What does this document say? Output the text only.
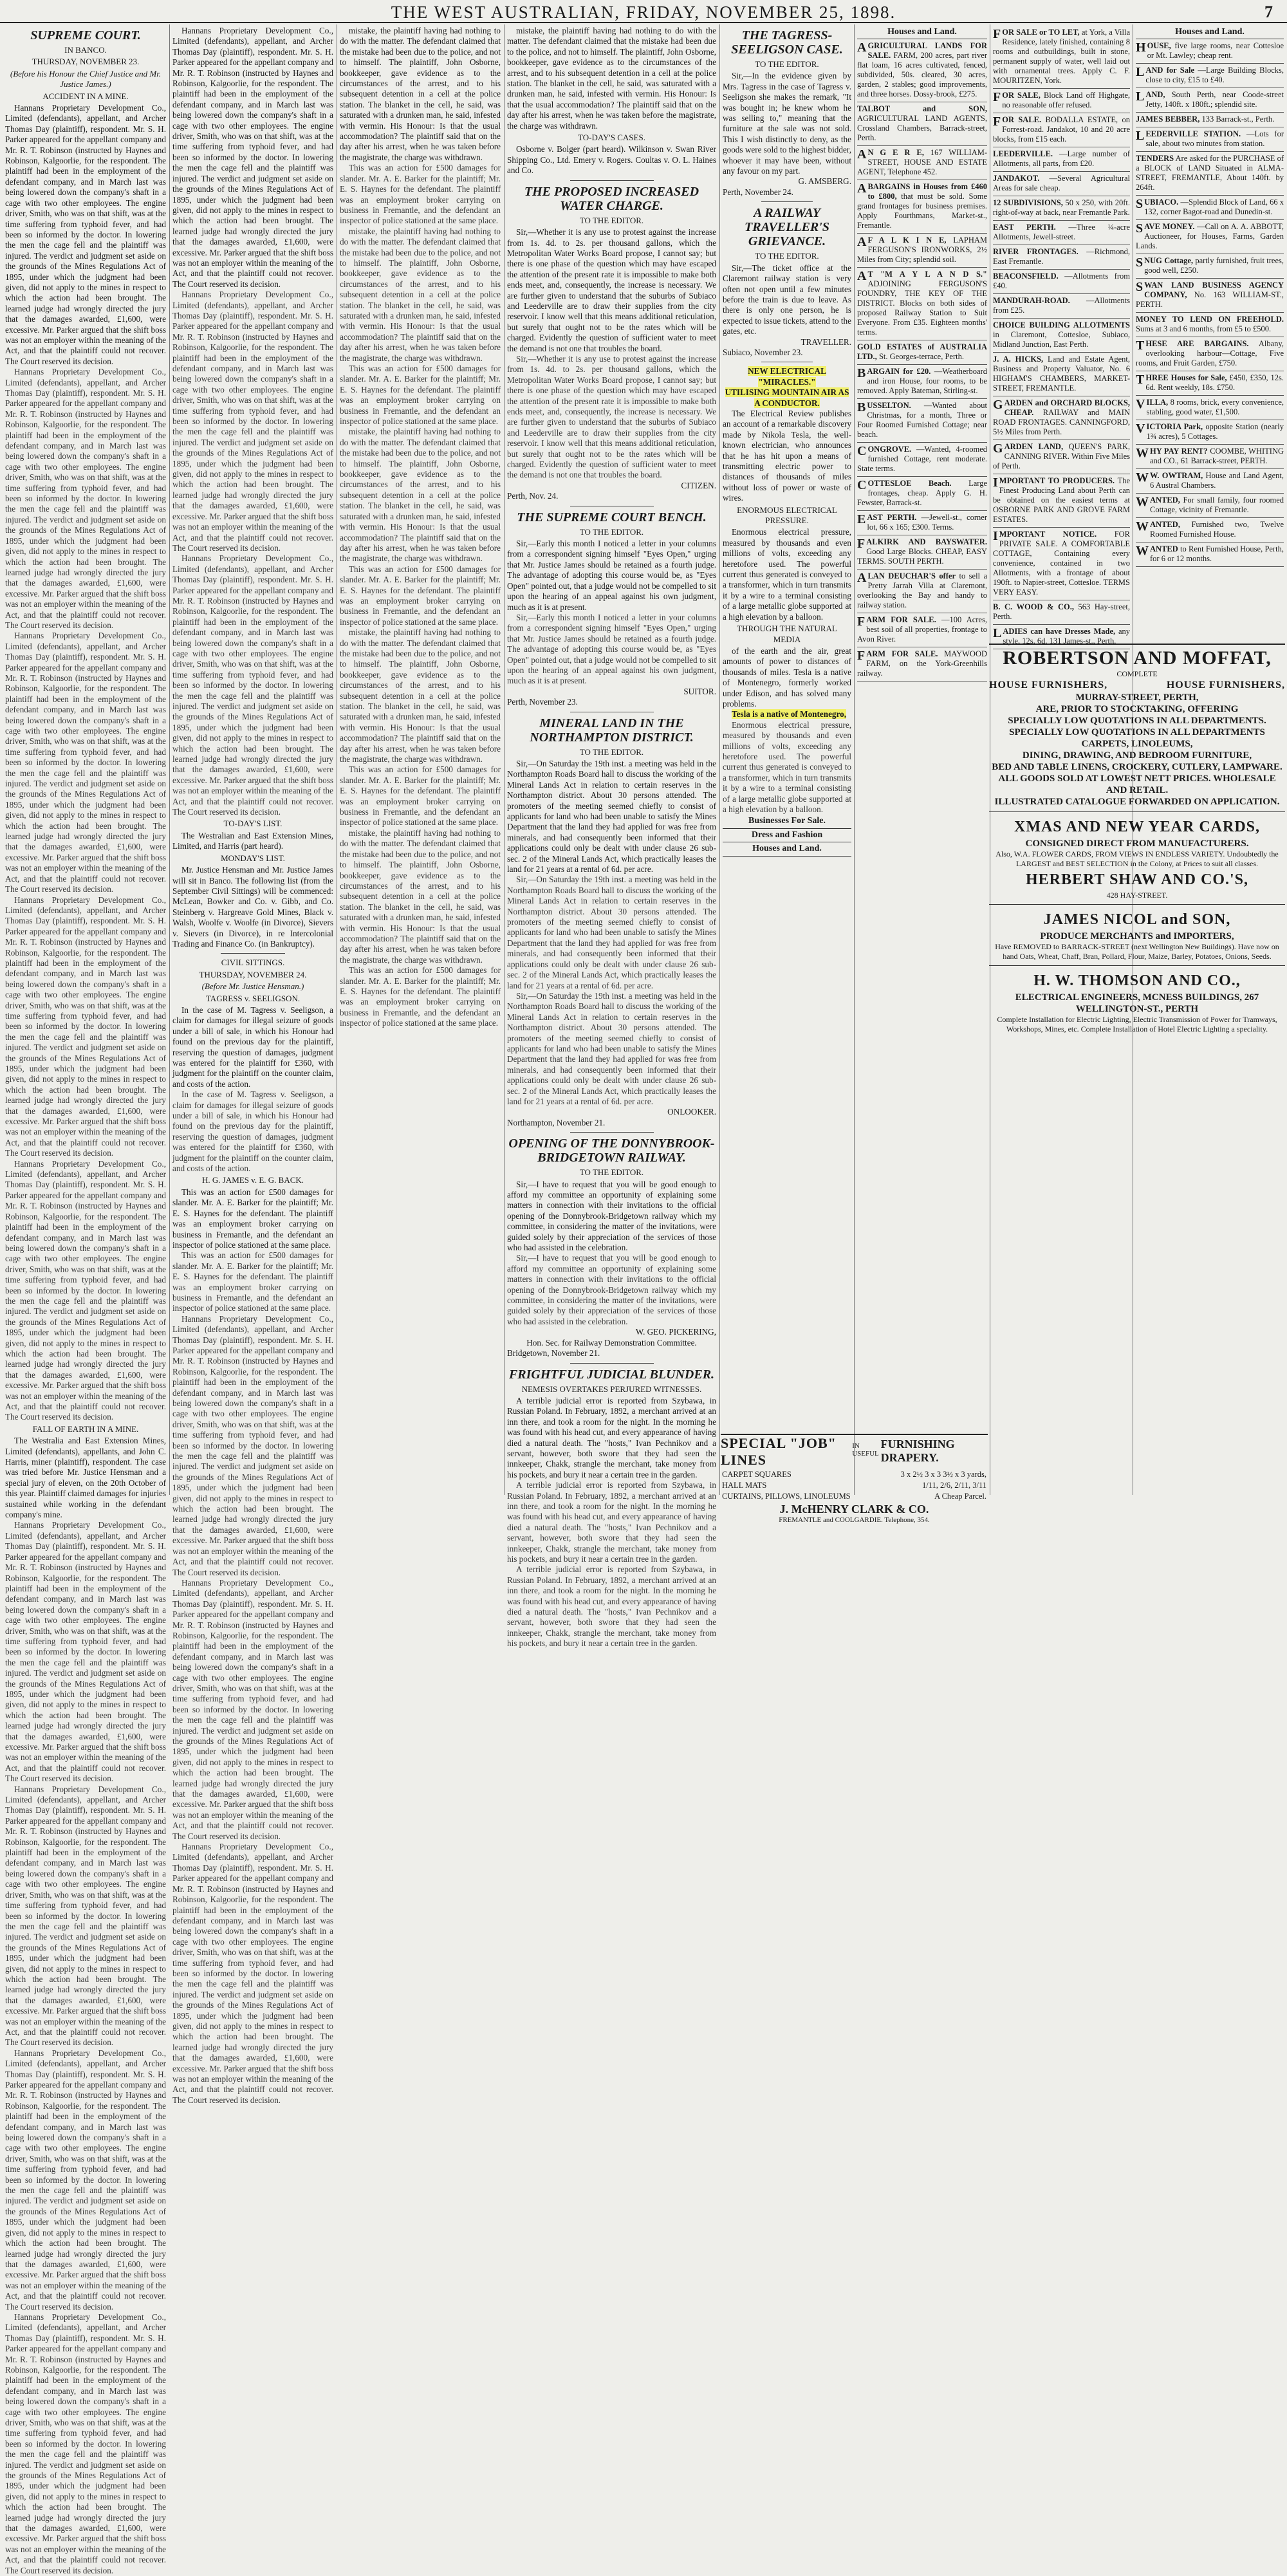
THE WEST AUSTRALIAN, FRIDAY, NOVEMBER 25, 1898.	7
SUPREME COURT.
IN BANCO.
THURSDAY, NOVEMBER 23.
(Before his Honour the Chief Justice and Mr. Justice James.)
ACCIDENT IN A MINE.

Hannans Proprietary Development Co., Limited (defendants), appellant, and Archer Thomas Day (plaintiff), respondent. Mr. S. H. Parker appeared for the appellant company and Mr. R. T. Robinson (instructed by Haynes and Robinson, Kalgoorlie, for the respondent. The plaintiff had been in the employment of the defendant company, and in March last was being lowered down the company's shaft in a cage with two other employees. The engine driver, Smith, who was on that shift, was at the time suffering from typhoid fever, and had been so informed by the doctor. In lowering the men the cage fell and the plaintiff was injured. The verdict and judgment set aside on the grounds of the Mines Regulations Act of 1895, under which the judgment had been given, did not apply to the mines in respect to which the action had been brought. The learned judge had wrongly directed the jury that the damages awarded, £1,600, were excessive. Mr. Parker argued that the shift boss was not an employer within the meaning of the Act, and that the plaintiff could not recover. The Court reserved its decision.

Hannans Proprietary Development Co., Limited (defendants), appellant, and Archer Thomas Day (plaintiff), respondent. Mr. S. H. Parker appeared for the appellant company and Mr. R. T. Robinson (instructed by Haynes and Robinson, Kalgoorlie, for the respondent. The plaintiff had been in the employment of the defendant company, and in March last was being lowered down the company's shaft in a cage with two other employees. The engine driver, Smith, who was on that shift, was at the time suffering from typhoid fever, and had been so informed by the doctor. In lowering the men the cage fell and the plaintiff was injured. The verdict and judgment set aside on the grounds of the Mines Regulations Act of 1895, under which the judgment had been given, did not apply to the mines in respect to which the action had been brought. The learned judge had wrongly directed the jury that the damages awarded, £1,600, were excessive. Mr. Parker argued that the shift boss was not an employer within the meaning of the Act, and that the plaintiff could not recover. The Court reserved its decision.

Hannans Proprietary Development Co., Limited (defendants), appellant, and Archer Thomas Day (plaintiff), respondent. Mr. S. H. Parker appeared for the appellant company and Mr. R. T. Robinson (instructed by Haynes and Robinson, Kalgoorlie, for the respondent. The plaintiff had been in the employment of the defendant company, and in March last was being lowered down the company's shaft in a cage with two other employees. The engine driver, Smith, who was on that shift, was at the time suffering from typhoid fever, and had been so informed by the doctor. In lowering the men the cage fell and the plaintiff was injured. The verdict and judgment set aside on the grounds of the Mines Regulations Act of 1895, under which the judgment had been given, did not apply to the mines in respect to which the action had been brought. The learned judge had wrongly directed the jury that the damages awarded, £1,600, were excessive. Mr. Parker argued that the shift boss was not an employer within the meaning of the Act, and that the plaintiff could not recover. The Court reserved its decision.

Hannans Proprietary Development Co., Limited (defendants), appellant, and Archer Thomas Day (plaintiff), respondent. Mr. S. H. Parker appeared for the appellant company and Mr. R. T. Robinson (instructed by Haynes and Robinson, Kalgoorlie, for the respondent. The plaintiff had been in the employment of the defendant company, and in March last was being lowered down the company's shaft in a cage with two other employees. The engine driver, Smith, who was on that shift, was at the time suffering from typhoid fever, and had been so informed by the doctor. In lowering the men the cage fell and the plaintiff was injured. The verdict and judgment set aside on the grounds of the Mines Regulations Act of 1895, under which the judgment had been given, did not apply to the mines in respect to which the action had been brought. The learned judge had wrongly directed the jury that the damages awarded, £1,600, were excessive. Mr. Parker argued that the shift boss was not an employer within the meaning of the Act, and that the plaintiff could not recover. The Court reserved its decision.

Hannans Proprietary Development Co., Limited (defendants), appellant, and Archer Thomas Day (plaintiff), respondent. Mr. S. H. Parker appeared for the appellant company and Mr. R. T. Robinson (instructed by Haynes and Robinson, Kalgoorlie, for the respondent. The plaintiff had been in the employment of the defendant company, and in March last was being lowered down the company's shaft in a cage with two other employees. The engine driver, Smith, who was on that shift, was at the time suffering from typhoid fever, and had been so informed by the doctor. In lowering the men the cage fell and the plaintiff was injured. The verdict and judgment set aside on the grounds of the Mines Regulations Act of 1895, under which the judgment had been given, did not apply to the mines in respect to which the action had been brought. The learned judge had wrongly directed the jury that the damages awarded, £1,600, were excessive. Mr. Parker argued that the shift boss was not an employer within the meaning of the Act, and that the plaintiff could not recover. The Court reserved its decision.

FALL OF EARTH IN A MINE.

The Westralia and East Extension Mines, Limited (defendants), appellants, and John C. Harris, miner (plaintiff), respondent. The case was tried before Mr. Justice Hensman and a special jury of eleven, on the 20th October of this year. Plaintiff claimed damages for injuries sustained while working in the defendant company's mine.

Hannans Proprietary Development Co., Limited (defendants), appellant, and Archer Thomas Day (plaintiff), respondent. Mr. S. H. Parker appeared for the appellant company and Mr. R. T. Robinson (instructed by Haynes and Robinson, Kalgoorlie, for the respondent. The plaintiff had been in the employment of the defendant company, and in March last was being lowered down the company's shaft in a cage with two other employees. The engine driver, Smith, who was on that shift, was at the time suffering from typhoid fever, and had been so informed by the doctor. In lowering the men the cage fell and the plaintiff was injured. The verdict and judgment set aside on the grounds of the Mines Regulations Act of 1895, under which the judgment had been given, did not apply to the mines in respect to which the action had been brought. The learned judge had wrongly directed the jury that the damages awarded, £1,600, were excessive. Mr. Parker argued that the shift boss was not an employer within the meaning of the Act, and that the plaintiff could not recover. The Court reserved its decision.

Hannans Proprietary Development Co., Limited (defendants), appellant, and Archer Thomas Day (plaintiff), respondent. Mr. S. H. Parker appeared for the appellant company and Mr. R. T. Robinson (instructed by Haynes and Robinson, Kalgoorlie, for the respondent. The plaintiff had been in the employment of the defendant company, and in March last was being lowered down the company's shaft in a cage with two other employees. The engine driver, Smith, who was on that shift, was at the time suffering from typhoid fever, and had been so informed by the doctor. In lowering the men the cage fell and the plaintiff was injured. The verdict and judgment set aside on the grounds of the Mines Regulations Act of 1895, under which the judgment had been given, did not apply to the mines in respect to which the action had been brought. The learned judge had wrongly directed the jury that the damages awarded, £1,600, were excessive. Mr. Parker argued that the shift boss was not an employer within the meaning of the Act, and that the plaintiff could not recover. The Court reserved its decision.

Hannans Proprietary Development Co., Limited (defendants), appellant, and Archer Thomas Day (plaintiff), respondent. Mr. S. H. Parker appeared for the appellant company and Mr. R. T. Robinson (instructed by Haynes and Robinson, Kalgoorlie, for the respondent. The plaintiff had been in the employment of the defendant company, and in March last was being lowered down the company's shaft in a cage with two other employees. The engine driver, Smith, who was on that shift, was at the time suffering from typhoid fever, and had been so informed by the doctor. In lowering the men the cage fell and the plaintiff was injured. The verdict and judgment set aside on the grounds of the Mines Regulations Act of 1895, under which the judgment had been given, did not apply to the mines in respect to which the action had been brought. The learned judge had wrongly directed the jury that the damages awarded, £1,600, were excessive. Mr. Parker argued that the shift boss was not an employer within the meaning of the Act, and that the plaintiff could not recover. The Court reserved its decision.

Hannans Proprietary Development Co., Limited (defendants), appellant, and Archer Thomas Day (plaintiff), respondent. Mr. S. H. Parker appeared for the appellant company and Mr. R. T. Robinson (instructed by Haynes and Robinson, Kalgoorlie, for the respondent. The plaintiff had been in the employment of the defendant company, and in March last was being lowered down the company's shaft in a cage with two other employees. The engine driver, Smith, who was on that shift, was at the time suffering from typhoid fever, and had been so informed by the doctor. In lowering the men the cage fell and the plaintiff was injured. The verdict and judgment set aside on the grounds of the Mines Regulations Act of 1895, under which the judgment had been given, did not apply to the mines in respect to which the action had been brought. The learned judge had wrongly directed the jury that the damages awarded, £1,600, were excessive. Mr. Parker argued that the shift boss was not an employer within the meaning of the Act, and that the plaintiff could not recover. The Court reserved its decision.

Hannans Proprietary Development Co., Limited (defendants), appellant, and Archer Thomas Day (plaintiff), respondent. Mr. S. H. Parker appeared for the appellant company and Mr. R. T. Robinson (instructed by Haynes and Robinson, Kalgoorlie, for the respondent. The plaintiff had been in the employment of the defendant company, and in March last was being lowered down the company's shaft in a cage with two other employees. The engine driver, Smith, who was on that shift, was at the time suffering from typhoid fever, and had been so informed by the doctor. In lowering the men the cage fell and the plaintiff was injured. The verdict and judgment set aside on the grounds of the Mines Regulations Act of 1895, under which the judgment had been given, did not apply to the mines in respect to which the action had been brought. The learned judge had wrongly directed the jury that the damages awarded, £1,600, were excessive. Mr. Parker argued that the shift boss was not an employer within the meaning of the Act, and that the plaintiff could not recover. The Court reserved its decision.

Hannans Proprietary Development Co., Limited (defendants), appellant, and Archer Thomas Day (plaintiff), respondent. Mr. S. H. Parker appeared for the appellant company and Mr. R. T. Robinson (instructed by Haynes and Robinson, Kalgoorlie, for the respondent. The plaintiff had been in the employment of the defendant company, and in March last was being lowered down the company's shaft in a cage with two other employees. The engine driver, Smith, who was on that shift, was at the time suffering from typhoid fever, and had been so informed by the doctor. In lowering the men the cage fell and the plaintiff was injured. The verdict and judgment set aside on the grounds of the Mines Regulations Act of 1895, under which the judgment had been given, did not apply to the mines in respect to which the action had been brought. The learned judge had wrongly directed the jury that the damages awarded, £1,600, were excessive. Mr. Parker argued that the shift boss was not an employer within the meaning of the Act, and that the plaintiff could not recover. The Court reserved its decision.

Hannans Proprietary Development Co., Limited (defendants), appellant, and Archer Thomas Day (plaintiff), respondent. Mr. S. H. Parker appeared for the appellant company and Mr. R. T. Robinson (instructed by Haynes and Robinson, Kalgoorlie, for the respondent. The plaintiff had been in the employment of the defendant company, and in March last was being lowered down the company's shaft in a cage with two other employees. The engine driver, Smith, who was on that shift, was at the time suffering from typhoid fever, and had been so informed by the doctor. In lowering the men the cage fell and the plaintiff was injured. The verdict and judgment set aside on the grounds of the Mines Regulations Act of 1895, under which the judgment had been given, did not apply to the mines in respect to which the action had been brought. The learned judge had wrongly directed the jury that the damages awarded, £1,600, were excessive. Mr. Parker argued that the shift boss was not an employer within the meaning of the Act, and that the plaintiff could not recover. The Court reserved its decision.

TO-DAY'S LIST.

The Westralian and East Extension Mines, Limited, and Harris (part heard).

MONDAY'S LIST.

Mr. Justice Hensman and Mr. Justice James will sit in Banco. The following list (from the September Civil Sittings) will be commenced: McLean, Bowker and Co. v. Gibb, and Co. Steinberg v. Hargreave Gold Mines, Black v. Walsh, Woolfe v. Woolfe (in Divorce), Sievers v. Sievers (in Divorce), in re Intercolonial Trading and Finance Co. (in Bankruptcy).

CIVIL SITTINGS.
THURSDAY, NOVEMBER 24.
(Before Mr. Justice Hensman.)
TAGRESS v. SEELIGSON.

In the case of M. Tagress v. Seeligson, a claim for damages for illegal seizure of goods under a bill of sale, in which his Honour had found on the previous day for the plaintiff, reserving the question of damages, judgment was entered for the plaintiff for £360, with judgment for the plaintiff on the counter claim, and costs of the action.

In the case of M. Tagress v. Seeligson, a claim for damages for illegal seizure of goods under a bill of sale, in which his Honour had found on the previous day for the plaintiff, reserving the question of damages, judgment was entered for the plaintiff for £360, with judgment for the plaintiff on the counter claim, and costs of the action.

H. G. JAMES v. E. G. BACK.

This was an action for £500 damages for slander. Mr. A. E. Barker for the plaintiff; Mr. E. S. Haynes for the defendant. The plaintiff was an employment broker carrying on business in Fremantle, and the defendant an inspector of police stationed at the same place.

This was an action for £500 damages for slander. Mr. A. E. Barker for the plaintiff; Mr. E. S. Haynes for the defendant. The plaintiff was an employment broker carrying on business in Fremantle, and the defendant an inspector of police stationed at the same place.

Hannans Proprietary Development Co., Limited (defendants), appellant, and Archer Thomas Day (plaintiff), respondent. Mr. S. H. Parker appeared for the appellant company and Mr. R. T. Robinson (instructed by Haynes and Robinson, Kalgoorlie, for the respondent. The plaintiff had been in the employment of the defendant company, and in March last was being lowered down the company's shaft in a cage with two other employees. The engine driver, Smith, who was on that shift, was at the time suffering from typhoid fever, and had been so informed by the doctor. In lowering the men the cage fell and the plaintiff was injured. The verdict and judgment set aside on the grounds of the Mines Regulations Act of 1895, under which the judgment had been given, did not apply to the mines in respect to which the action had been brought. The learned judge had wrongly directed the jury that the damages awarded, £1,600, were excessive. Mr. Parker argued that the shift boss was not an employer within the meaning of the Act, and that the plaintiff could not recover. The Court reserved its decision.

Hannans Proprietary Development Co., Limited (defendants), appellant, and Archer Thomas Day (plaintiff), respondent. Mr. S. H. Parker appeared for the appellant company and Mr. R. T. Robinson (instructed by Haynes and Robinson, Kalgoorlie, for the respondent. The plaintiff had been in the employment of the defendant company, and in March last was being lowered down the company's shaft in a cage with two other employees. The engine driver, Smith, who was on that shift, was at the time suffering from typhoid fever, and had been so informed by the doctor. In lowering the men the cage fell and the plaintiff was injured. The verdict and judgment set aside on the grounds of the Mines Regulations Act of 1895, under which the judgment had been given, did not apply to the mines in respect to which the action had been brought. The learned judge had wrongly directed the jury that the damages awarded, £1,600, were excessive. Mr. Parker argued that the shift boss was not an employer within the meaning of the Act, and that the plaintiff could not recover. The Court reserved its decision.

Hannans Proprietary Development Co., Limited (defendants), appellant, and Archer Thomas Day (plaintiff), respondent. Mr. S. H. Parker appeared for the appellant company and Mr. R. T. Robinson (instructed by Haynes and Robinson, Kalgoorlie, for the respondent. The plaintiff had been in the employment of the defendant company, and in March last was being lowered down the company's shaft in a cage with two other employees. The engine driver, Smith, who was on that shift, was at the time suffering from typhoid fever, and had been so informed by the doctor. In lowering the men the cage fell and the plaintiff was injured. The verdict and judgment set aside on the grounds of the Mines Regulations Act of 1895, under which the judgment had been given, did not apply to the mines in respect to which the action had been brought. The learned judge had wrongly directed the jury that the damages awarded, £1,600, were excessive. Mr. Parker argued that the shift boss was not an employer within the meaning of the Act, and that the plaintiff could not recover. The Court reserved its decision.

mistake, the plaintiff having had nothing to do with the matter. The defendant claimed that the mistake had been due to the police, and not to himself. The plaintiff, John Osborne, bookkeeper, gave evidence as to the circumstances of the arrest, and to his subsequent detention in a cell at the police station. The blanket in the cell, he said, was saturated with a drunken man, he said, infested with vermin. His Honour: Is that the usual accommodation? The plaintiff said that on the day after his arrest, when he was taken before the magistrate, the charge was withdrawn.

This was an action for £500 damages for slander. Mr. A. E. Barker for the plaintiff; Mr. E. S. Haynes for the defendant. The plaintiff was an employment broker carrying on business in Fremantle, and the defendant an inspector of police stationed at the same place.

mistake, the plaintiff having had nothing to do with the matter. The defendant claimed that the mistake had been due to the police, and not to himself. The plaintiff, John Osborne, bookkeeper, gave evidence as to the circumstances of the arrest, and to his subsequent detention in a cell at the police station. The blanket in the cell, he said, was saturated with a drunken man, he said, infested with vermin. His Honour: Is that the usual accommodation? The plaintiff said that on the day after his arrest, when he was taken before the magistrate, the charge was withdrawn.

This was an action for £500 damages for slander. Mr. A. E. Barker for the plaintiff; Mr. E. S. Haynes for the defendant. The plaintiff was an employment broker carrying on business in Fremantle, and the defendant an inspector of police stationed at the same place.

mistake, the plaintiff having had nothing to do with the matter. The defendant claimed that the mistake had been due to the police, and not to himself. The plaintiff, John Osborne, bookkeeper, gave evidence as to the circumstances of the arrest, and to his subsequent detention in a cell at the police station. The blanket in the cell, he said, was saturated with a drunken man, he said, infested with vermin. His Honour: Is that the usual accommodation? The plaintiff said that on the day after his arrest, when he was taken before the magistrate, the charge was withdrawn.

This was an action for £500 damages for slander. Mr. A. E. Barker for the plaintiff; Mr. E. S. Haynes for the defendant. The plaintiff was an employment broker carrying on business in Fremantle, and the defendant an inspector of police stationed at the same place.

mistake, the plaintiff having had nothing to do with the matter. The defendant claimed that the mistake had been due to the police, and not to himself. The plaintiff, John Osborne, bookkeeper, gave evidence as to the circumstances of the arrest, and to his subsequent detention in a cell at the police station. The blanket in the cell, he said, was saturated with a drunken man, he said, infested with vermin. His Honour: Is that the usual accommodation? The plaintiff said that on the day after his arrest, when he was taken before the magistrate, the charge was withdrawn.

This was an action for £500 damages for slander. Mr. A. E. Barker for the plaintiff; Mr. E. S. Haynes for the defendant. The plaintiff was an employment broker carrying on business in Fremantle, and the defendant an inspector of police stationed at the same place.

mistake, the plaintiff having had nothing to do with the matter. The defendant claimed that the mistake had been due to the police, and not to himself. The plaintiff, John Osborne, bookkeeper, gave evidence as to the circumstances of the arrest, and to his subsequent detention in a cell at the police station. The blanket in the cell, he said, was saturated with a drunken man, he said, infested with vermin. His Honour: Is that the usual accommodation? The plaintiff said that on the day after his arrest, when he was taken before the magistrate, the charge was withdrawn.

This was an action for £500 damages for slander. Mr. A. E. Barker for the plaintiff; Mr. E. S. Haynes for the defendant. The plaintiff was an employment broker carrying on business in Fremantle, and the defendant an inspector of police stationed at the same place.

mistake, the plaintiff having had nothing to do with the matter. The defendant claimed that the mistake had been due to the police, and not to himself. The plaintiff, John Osborne, bookkeeper, gave evidence as to the circumstances of the arrest, and to his subsequent detention in a cell at the police station. The blanket in the cell, he said, was saturated with a drunken man, he said, infested with vermin. His Honour: Is that the usual accommodation? The plaintiff said that on the day after his arrest, when he was taken before the magistrate, the charge was withdrawn.

TO-DAY'S CASES.

Osborne v. Bolger (part heard). Wilkinson v. Swan River Shipping Co., Ltd. Emery v. Rogers. Coultas v. O. L. Haines and Co.

THE PROPOSED INCREASED WATER CHARGE.
TO THE EDITOR.

Sir,—Whether it is any use to protest against the increase from 1s. 4d. to 2s. per thousand gallons, which the Metropolitan Water Works Board propose, I cannot say; but there is one phase of the question which may have escaped the attention of the present rate it is impossible to make both ends meet, and, consequently, the increase is necessary. We are further given to understand that the suburbs of Subiaco and Leederville are to draw their supplies from the city reservoir. I know well that this means additional reticulation, but surely that ought not to be the rates which will be charged. Evidently the question of sufficient water to meet the demand is not one that troubles the board.

Sir,—Whether it is any use to protest against the increase from 1s. 4d. to 2s. per thousand gallons, which the Metropolitan Water Works Board propose, I cannot say; but there is one phase of the question which may have escaped the attention of the present rate it is impossible to make both ends meet, and, consequently, the increase is necessary. We are further given to understand that the suburbs of Subiaco and Leederville are to draw their supplies from the city reservoir. I know well that this means additional reticulation, but surely that ought not to be the rates which will be charged. Evidently the question of sufficient water to meet the demand is not one that troubles the board.

CITIZEN.
Perth, Nov. 24.
THE SUPREME COURT BENCH.
TO THE EDITOR.

Sir,—Early this month I noticed a letter in your columns from a correspondent signing himself "Eyes Open," urging that Mr. Justice James should be retained as a fourth judge. The advantage of adopting this course would be, as "Eyes Open" pointed out, that a judge would not be compelled to sit upon the hearing of an appeal against his own judgment, much as it is at present.

Sir,—Early this month I noticed a letter in your columns from a correspondent signing himself "Eyes Open," urging that Mr. Justice James should be retained as a fourth judge. The advantage of adopting this course would be, as "Eyes Open" pointed out, that a judge would not be compelled to sit upon the hearing of an appeal against his own judgment, much as it is at present.

SUITOR.
Perth, November 23.
MINERAL LAND IN THE NORTHAMPTON DISTRICT.
TO THE EDITOR.

Sir,—On Saturday the 19th inst. a meeting was held in the Northampton Roads Board hall to discuss the working of the Mineral Lands Act in relation to certain reserves in the Northampton district. About 30 persons attended. The promoters of the meeting seemed chiefly to consist of applicants for land who had been unable to satisfy the Mines Department that the land they had applied for was free from minerals, and had consequently been informed that their applications could only be dealt with under clause 26 sub-sec. 2 of the Mineral Lands Act, which practically leases the land for 21 years at a rental of 6d. per acre.

Sir,—On Saturday the 19th inst. a meeting was held in the Northampton Roads Board hall to discuss the working of the Mineral Lands Act in relation to certain reserves in the Northampton district. About 30 persons attended. The promoters of the meeting seemed chiefly to consist of applicants for land who had been unable to satisfy the Mines Department that the land they had applied for was free from minerals, and had consequently been informed that their applications could only be dealt with under clause 26 sub-sec. 2 of the Mineral Lands Act, which practically leases the land for 21 years at a rental of 6d. per acre.

Sir,—On Saturday the 19th inst. a meeting was held in the Northampton Roads Board hall to discuss the working of the Mineral Lands Act in relation to certain reserves in the Northampton district. About 30 persons attended. The promoters of the meeting seemed chiefly to consist of applicants for land who had been unable to satisfy the Mines Department that the land they had applied for was free from minerals, and had consequently been informed that their applications could only be dealt with under clause 26 sub-sec. 2 of the Mineral Lands Act, which practically leases the land for 21 years at a rental of 6d. per acre.

ONLOOKER.
Northampton, November 21.
OPENING OF THE DONNYBROOK-BRIDGETOWN RAILWAY.
TO THE EDITOR.

Sir,—I have to request that you will be good enough to afford my committee an opportunity of explaining some matters in connection with their invitations to the official opening of the Donnybrook-Bridgetown railway which my committee, in considering the matter of the invitations, were guided solely by their appreciation of the services of those who had assisted in the celebration.

Sir,—I have to request that you will be good enough to afford my committee an opportunity of explaining some matters in connection with their invitations to the official opening of the Donnybrook-Bridgetown railway which my committee, in considering the matter of the invitations, were guided solely by their appreciation of the services of those who had assisted in the celebration.

W. GEO. PICKERING,
Hon. Sec. for Railway Demonstration Committee.
Bridgetown, November 21.
FRIGHTFUL JUDICIAL BLUNDER.
NEMESIS OVERTAKES PERJURED WITNESSES.

A terrible judicial error is reported from Szybawa, in Russian Poland. In February, 1892, a merchant arrived at an inn there, and took a room for the night. In the morning he was found with his head cut, and every appearance of having died a natural death. The "hosts," Ivan Pechnikov and a servant, however, both swore that they had seen the innkeeper, Chakk, strangle the merchant, take money from his pockets, and bury it near a certain tree in the garden.

A terrible judicial error is reported from Szybawa, in Russian Poland. In February, 1892, a merchant arrived at an inn there, and took a room for the night. In the morning he was found with his head cut, and every appearance of having died a natural death. The "hosts," Ivan Pechnikov and a servant, however, both swore that they had seen the innkeeper, Chakk, strangle the merchant, take money from his pockets, and bury it near a certain tree in the garden.

A terrible judicial error is reported from Szybawa, in Russian Poland. In February, 1892, a merchant arrived at an inn there, and took a room for the night. In the morning he was found with his head cut, and every appearance of having died a natural death. The "hosts," Ivan Pechnikov and a servant, however, both swore that they had seen the innkeeper, Chakk, strangle the merchant, take money from his pockets, and bury it near a certain tree in the garden.

THE TAGRESS-SEELIGSON CASE.
TO THE EDITOR.

Sir,—In the evidence given by Mrs. Tagress in the case of Tagress v. Seeligson she makes the remark, "It was bought in; he knew whom he was selling to," meaning that the furniture at the sale was not sold. This I wish distinctly to deny, as the goods were sold to the highest bidder, whoever it may have been, without any favour on my part.

G. AMSBERG.
Perth, November 24.
A RAILWAY TRAVELLER'S GRIEVANCE.
TO THE EDITOR.

Sir,—The ticket office at the Claremont railway station is very often not open until a few minutes before the train is due to leave. As there is only one person, he is expected to issue tickets, attend to the gates, etc.

TRAVELLER.
Subiaco, November 23.
NEW ELECTRICAL "MIRACLES."
UTILISING MOUNTAIN AIR AS A CONDUCTOR.

The Electrical Review publishes an account of a remarkable discovery made by Nikola Tesla, the well-known electrician, who announces that he has hit upon a means of transmitting electric power to distances of thousands of miles without loss of power or waste of wires.

ENORMOUS ELECTRICAL PRESSURE.

Enormous electrical pressure, measured by thousands and even millions of volts, exceeding any heretofore used. The powerful current thus generated is conveyed to a transformer, which in turn transmits it by a wire to a terminal consisting of a large metallic globe supported at a high elevation by a balloon.

THROUGH THE NATURAL MEDIA

of the earth and the air, great amounts of power to distances of thousands of miles. Tesla is a native of Montenegro, formerly worked under Edison, and has solved many problems.

Tesla is a native of Montenegro,

Enormous electrical pressure, measured by thousands and even millions of volts, exceeding any heretofore used. The powerful current thus generated is conveyed to a transformer, which in turn transmits it by a wire to a terminal consisting of a large metallic globe supported at a high elevation by a balloon.

Businesses For Sale.
Dress and Fashion
Houses and Land.
Houses and Land.
AGRICULTURAL LANDS FOR SALE. FARM, 200 acres, part river flat loam, 16 acres cultivated, fenced, subdivided, 50s. cleared, 30 acres, garden, 2 stables; good improvements, and three horses. Dossy-brook, £275.
TALBOT and SON, AGRICULTURAL LAND AGENTS, Crossland Chambers, Barrack-street, Perth.
A N G E R E, 167 WILLIAM-STREET, HOUSE AND ESTATE AGENT, Telephone 452.
ABARGAINS in Houses from £460 to £800, that must be sold. Some grand frontages for business premises. Apply Fourthmans, Market-st., Fremantle.
A F A L K I N E, LAPHAM FERGUSON'S IRONWORKS, 2½ Miles from City; splendid soil.
A T "M A Y L A N D S." ADJOINING FERGUSON'S FOUNDRY, THE KEY OF THE DISTRICT. Blocks on both sides of proposed Railway Station to Suit Everyone. From £35. Eighteen months' terms.
GOLD ESTATES of AUSTRALIA LTD., St. Georges-terrace, Perth.
BARGAIN for £20. —Weatherboard and iron House, four rooms, to be removed. Apply Bateman, Stirling-st.
BUSSELTON. —Wanted about Christmas, for a month, Three or Four Roomed Furnished Cottage; near beach.
CONGROVE. —Wanted, 4-roomed furnished Cottage, rent moderate. State terms.
COTTESLOE Beach. Large frontages, cheap. Apply G. H. Fewster, Barrack-st.
EAST PERTH. —Jewell-st., corner lot, 66 x 165; £300. Terms.
FALKIRK AND BAYSWATER. Good Large Blocks. CHEAP, EASY TERMS. SOUTH PERTH.
ALAN DEUCHAR'S offer to sell a Pretty Jarrah Villa at Claremont, overlooking the Bay and handy to railway station.
FARM FOR SALE. —100 Acres, best soil of all properties, frontage to Avon River.
FARM FOR SALE. MAYWOOD FARM, on the York-Greenhills railway.
FOR SALE or TO LET, at York, a Villa Residence, lately finished, containing 8 rooms and outbuildings, built in stone, permanent supply of water, well laid out with ornamental trees. Apply C. F. MOURITZEN, York.
FOR SALE, Block Land off Highgate, no reasonable offer refused.
FOR SALE. BODALLA ESTATE, on Forrest-road. Jandakot, 10 and 20 acre blocks, from £15 each.
LEEDERVILLE. —Large number of Allotments, all parts, from £20.
JANDAKOT. —Several Agricultural Areas for sale cheap.
12 SUBDIVISIONS, 50 x 250, with 20ft. right-of-way at back, near Fremantle Park.
EAST PERTH. —Three ¼-acre Allotments, Jewell-street.
RIVER FRONTAGES. —Richmond, East Fremantle.
BEACONSFIELD. —Allotments from £40.
MANDURAH-ROAD. —Allotments from £25.
CHOICE BUILDING ALLOTMENTS in Claremont, Cottesloe, Subiaco, Midland Junction, East Perth.
J. A. HICKS, Land and Estate Agent, Business and Property Valuator, No. 6 HIGHAM'S CHAMBERS, MARKET-STREET, FREMANTLE.
GARDEN and ORCHARD BLOCKS, CHEAP. RAILWAY and MAIN ROAD FRONTAGES. CANNINGFORD, 5½ Miles from Perth.
GARDEN LAND, QUEEN'S PARK, CANNING RIVER. Within Five Miles of Perth.
IMPORTANT TO PRODUCERS. The Finest Producing Land about Perth can be obtained on the easiest terms at OSBORNE PARK AND GROVE FARM ESTATES.
IMPORTANT NOTICE. FOR PRIVATE SALE. A COMFORTABLE COTTAGE, Containing every convenience, contained in two Allotments, with a frontage of about 190ft. to Napier-street, Cottesloe. TERMS VERY EASY.
B. C. WOOD & CO., 563 Hay-street, Perth.
LADIES can have Dresses Made, any style, 12s. 6d. 131 James-st., Perth.
Houses and Land.
HOUSE, five large rooms, near Cottesloe or Mt. Lawley; cheap rent.
LAND for Sale —Large Building Blocks, close to city, £15 to £40.
LAND, South Perth, near Coode-street Jetty, 140ft. x 180ft.; splendid site.
JAMES BEBBER, 133 Barrack-st., Perth.
LEEDERVILLE STATION. —Lots for sale, about two minutes from station.
TENDERS Are asked for the PURCHASE of a BLOCK of LAND Situated in ALMA-STREET, FREMANTLE, About 140ft. by 264ft.
SUBIACO. —Splendid Block of Land, 66 x 132, corner Bagot-road and Dunedin-st.
SAVE MONEY. —Call on A. A. ABBOTT, Auctioneer, for Houses, Farms, Garden Lands.
SNUG Cottage, partly furnished, fruit trees, good well, £250.
SWAN LAND BUSINESS AGENCY COMPANY, No. 163 WILLIAM-ST., PERTH.
MONEY TO LEND ON FREEHOLD. Sums at 3 and 6 months, from £5 to £500.
THESE ARE BARGAINS. Albany, overlooking harbour—Cottage, Five rooms, and Fruit Garden, £750.
THREE Houses for Sale, £450, £350, 12s. 6d. Rent weekly, 18s. £750.
VILLA, 8 rooms, brick, every convenience, stabling, good water, £1,500.
VICTORIA Park, opposite Station (nearly 1¾ acres), 5 Cottages.
WHY PAY RENT? COOMBE, WHITING and CO., 61 Barrack-street, PERTH.
W W. OWTRAM, House and Land Agent, 6 Austral Chambers.
WANTED, For small family, four roomed Cottage, vicinity of Fremantle.
WANTED, Furnished two, Twelve Roomed Furnished House.
WANTED to Rent Furnished House, Perth, for 6 or 12 months.
ROBERTSON AND MOFFAT,
COMPLETE
HOUSE FURNISHERS,	HOUSE FURNISHERS,
MURRAY-STREET, PERTH,
ARE, PRIOR TO STOCKTAKING, OFFERING
SPECIALLY LOW QUOTATIONS IN ALL DEPARTMENTS.
SPECIALLY LOW QUOTATIONS IN ALL DEPARTMENTS
CARPETS, LINOLEUMS,
DINING, DRAWING, AND BEDROOM FURNITURE,
BED AND TABLE LINENS, CROCKERY, CUTLERY, LAMPWARE.
ALL GOODS SOLD AT LOWEST NETT PRICES. WHOLESALE AND RETAIL.
ILLUSTRATED CATALOGUE FORWARDED ON APPLICATION.
XMAS AND NEW YEAR CARDS,
CONSIGNED DIRECT FROM MANUFACTURERS.
Also, W.A. FLOWER CARDS, FROM VIEWS IN ENDLESS VARIETY. Undoubtedly the LARGEST and BEST SELECTION in the Colony, at Prices to suit all classes.
HERBERT SHAW AND CO.'S,
428 HAY-STREET.
JAMES NICOL and SON,
PRODUCE MERCHANTS and IMPORTERS,
Have REMOVED to BARRACK-STREET (next Wellington New Buildings). Have now on hand Oats, Wheat, Chaff, Bran, Pollard, Flour, Maize, Barley, Potatoes, Onions, Seeds.
H. W. THOMSON AND CO.,
ELECTRICAL ENGINEERS, MCNESS BUILDINGS, 267 WELLINGTON-ST., PERTH
Complete Installation for Electric Lighting, Electric Transmission of Power for Tramways, Workshops, Mines, etc. Complete Installation of Hotel Electric Lighting a speciality.
SPECIAL "JOB" LINES
IN USEFUL
FURNISHING DRAPERY.
CARPET SQUARES	3 x 2½ 3 x 3 3½ x 3 yards,
HALL MATS	1/11, 2/6, 2/11, 3/11
CURTAINS, PILLOWS, LINOLEUMS	A Cheap Parcel.
J. McHENRY CLARK & CO.
FREMANTLE and COOLGARDIE. Telephone, 354.
